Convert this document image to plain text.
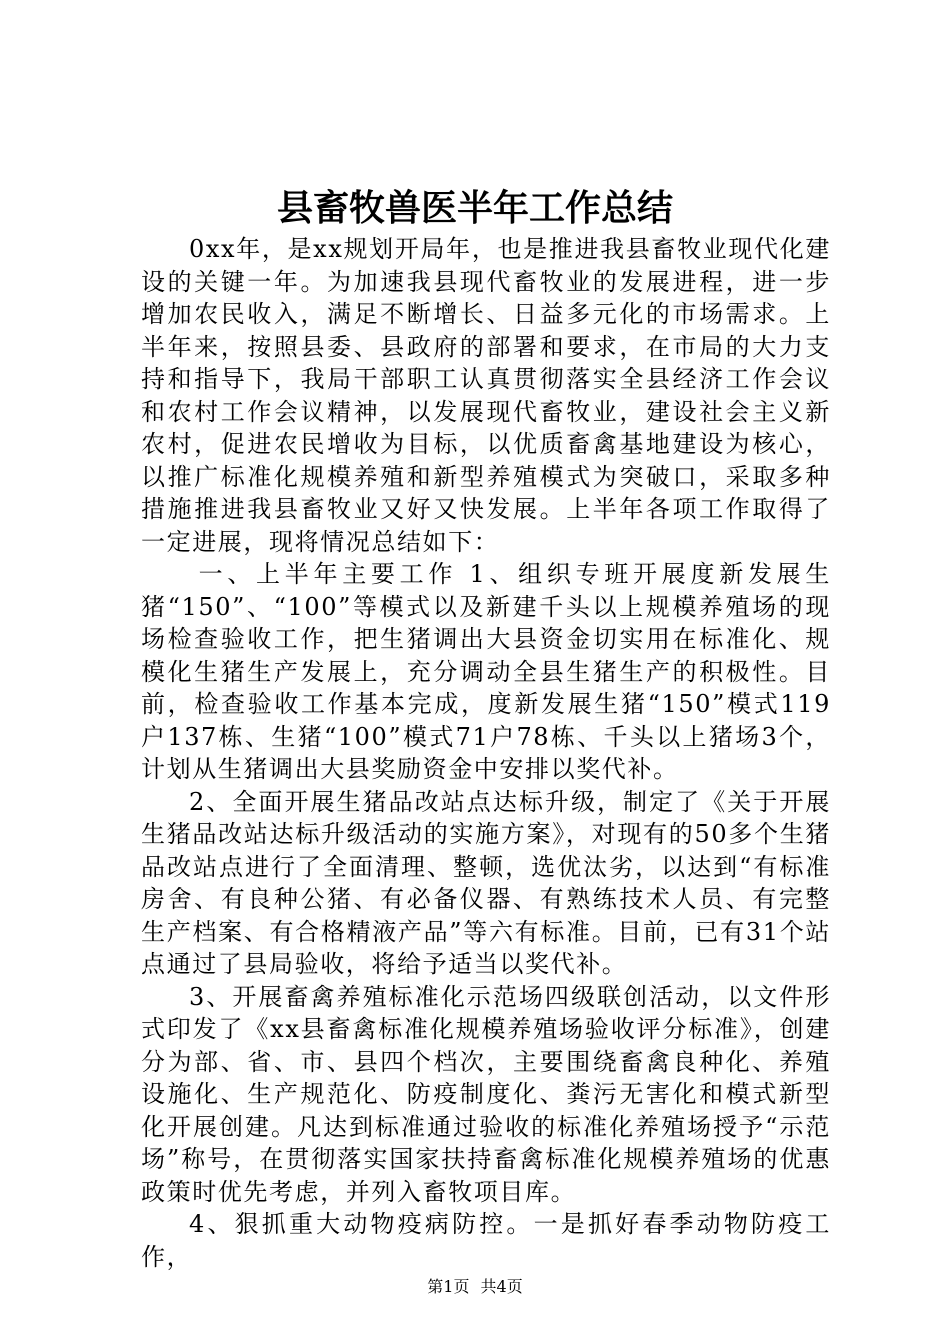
县畜牧兽医半年工作总结

0xx年，是xx规划开局年，也是推进我县畜牧业现代化建设的关键一年。为加速我县现代畜牧业的发展进程，进一步增加农民收入，满足不断增长、日益多元化的市场需求。上半年来，按照县委、县政府的部署和要求，在市局的大力支持和指导下，我局干部职工认真贯彻落实全县经济工作会议和农村工作会议精神，以发展现代畜牧业，建设社会主义新农村，促进农民增收为目标，以优质畜禽基地建设为核心，以推广标准化规模养殖和新型养殖模式为突破口，采取多种措施推进我县畜牧业又好又快发展。上半年各项工作取得了一定进展，现将情况总结如下：

一、上半年主要工作 1、组织专班开展度新发展生猪“150”、“100”等模式以及新建千头以上规模养殖场的现场检查验收工作，把生猪调出大县资金切实用在标准化、规模化生猪生产发展上，充分调动全县生猪生产的积极性。目前，检查验收工作基本完成，度新发展生猪“150”模式119户137栋、生猪“100”模式71户78栋、千头以上猪场3个，计划从生猪调出大县奖励资金中安排以奖代补。

2、全面开展生猪品改站点达标升级，制定了《关于开展生猪品改站达标升级活动的实施方案》，对现有的50多个生猪品改站点进行了全面清理、整顿，选优汰劣，以达到“有标准房舍、有良种公猪、有必备仪器、有熟练技术人员、有完整生产档案、有合格精液产品”等六有标准。目前，已有31个站点通过了县局验收，将给予适当以奖代补。

3、开展畜禽养殖标准化示范场四级联创活动，以文件形式印发了《xx县畜禽标准化规模养殖场验收评分标准》，创建分为部、省、市、县四个档次，主要围绕畜禽良种化、养殖设施化、生产规范化、防疫制度化、粪污无害化和模式新型化开展创建。凡达到标准通过验收的标准化养殖场授予“示范场”称号，在贯彻落实国家扶持畜禽标准化规模养殖场的优惠政策时优先考虑，并列入畜牧项目库。

4、狠抓重大动物疫病防控。一是抓好春季动物防疫工作，

第1页 共4页
